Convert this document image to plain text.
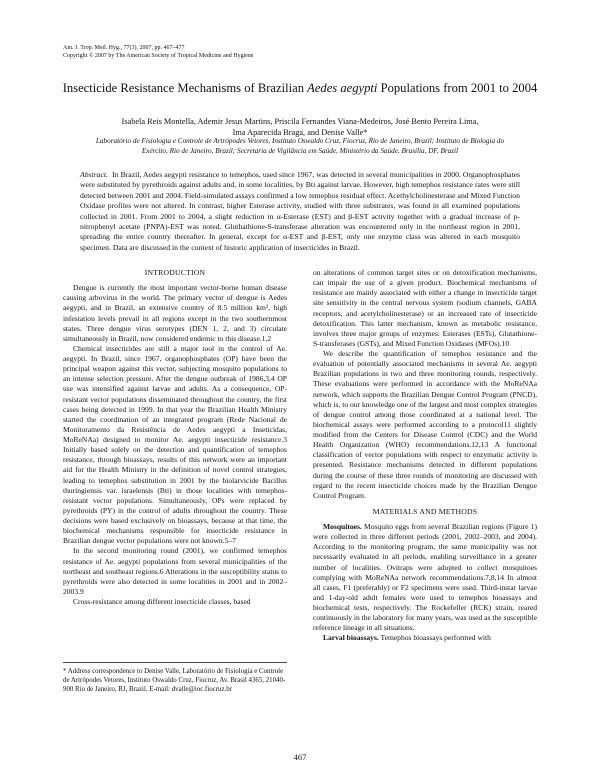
Am. J. Trop. Med. Hyg., 77(3), 2007, pp. 467–477
Copyright © 2007 by The American Society of Tropical Medicine and Hygiene
Insecticide Resistance Mechanisms of Brazilian Aedes aegypti Populations from 2001 to 2004
Isabela Reis Montella, Ademir Jesus Martins, Priscila Fernandes Viana-Medeiros, José Bento Pereira Lima,
Ima Aparecida Braga, and Denise Valle*
Laboratório de Fisiologia e Controle de Artrópodes Vetores, Instituto Oswaldo Cruz, Fiocruz, Rio de Janeiro, Brazil; Instituto de Biologia do
Exército, Rio de Janeiro, Brazil; Secretaria de Vigilância em Saúde, Ministério da Saúde, Brasília, DF, Brazil
Abstract. In Brazil, Aedes aegypti resistance to temephos, used since 1967, was detected in several municipalities in 2000. Organophosphates were substituted by pyrethroids against adults and, in some localities, by Bti against larvae. However, high temephos resistance rates were still detected between 2001 and 2004. Field-simulated assays confirmed a low temephos residual effect. Acethylcholinesterase and Mixed Function Oxidase profiles were not altered. In contrast, higher Esterase activity, studied with three substrates, was found in all examined populations collected in 2001. From 2001 to 2004, a slight reduction in α-Esterase (EST) and β-EST activity together with a gradual increase of p-nitrophenyl acetate (PNPA)-EST was noted. Gluthathione-S-transferase alteration was encountered only in the northeast region in 2001, spreading the entire country thereafter. In general, except for α-EST and β-EST, only one enzyme class was altered in each mosquito specimen. Data are discussed in the context of historic application of insecticides in Brazil.
INTRODUCTION

Dengue is currently the most important vector-borne human disease causing arbovirus in the world. The primary vector of dengue is Aedes aegypti, and in Brazil, an extensive country of 8.5 million km², high infestation levels prevail in all regions except in the two southernmost states. Three dengue virus serotypes (DEN 1, 2, and 3) circulate simultaneously in Brazil, now considered endemic to this disease.1,2

Chemical insecticides are still a major tool in the control of Ae. aegypti. In Brazil, since 1967, organophosphates (OP) have been the principal weapon against this vector, subjecting mosquito populations to an intense selection pressure. After the dengue outbreak of 1986,3,4 OP use was intensified against larvae and adults. As a consequence, OP-resistant vector populations disseminated throughout the country, the first cases being detected in 1999. In that year the Brazilian Health Ministry started the coordination of an integrated program (Rede Nacional de Monitoramento da Resistência de Aedes aegypti a Inseticidas, MoReNAa) designed to monitor Ae. aegypti insecticide resistance.3 Initially based solely on the detection and quantification of temephos resistance, through bioassays, results of this network were an important aid for the Health Ministry in the definition of novel control strategies, leading to temephos substitution in 2001 by the biolarvicide Bacillus thuringiensis var. israelensis (Bti) in those localities with temephos-resistant vector populations. Simultaneously, OPs were replaced by pyrethroids (PY) in the control of adults throughout the country. These decisions were based exclusively on bioassays, because at that time, the biochemical mechanisms responsible for insecticide resistance in Brazilian dengue vector populations were not known.5–7

In the second monitoring round (2001), we confirmed temephos resistance of Ae. aegypti populations from several municipalities of the northeast and southeast regions.6 Alterations in the susceptibility status to pyrethroids were also detected in some localities in 2001 and in 2002–2003.9

Cross-resistance among different insecticide classes, based

* Address correspondence to Denise Valle, Laboratório de Fisiologia e Controle de Artrópodes Vetores, Instituto Oswaldo Cruz, Fiocruz, Av. Brasil 4365, 21040-900 Rio de Janeiro, RJ, Brazil. E-mail: dvalle@ioc.fiocruz.br

on alterations of common target sites or on detoxification mechanisms, can impair the use of a given product. Biochemical mechanisms of resistance are mainly associated with either a change in insecticide target site sensitivity in the central nervous system (sodium channels, GABA receptors, and acetylcholinesterase) or an increased rate of insecticide detoxification. This latter mechanism, known as metabolic resistance, involves three major groups of enzymes: Esterases (ESTs), Glutathione-S-transferases (GSTs), and Mixed Function Oxidases (MFOs).10

We describe the quantification of temephos resistance and the evaluation of potentially associated mechanisms in several Ae. aegypti Brazilian populations in two and three monitoring rounds, respectively. These evaluations were performed in accordance with the MoReNAa network, which supports the Brazilian Dengue Control Program (PNCD), which is, to our knowledge one of the largest and most complex strategies of dengue control among those coordinated at a national level. The biochemical assays were performed according to a protocol11 slightly modified from the Centers for Disease Control (CDC) and the World Health Organization (WHO) recommendations.12,13 A functional classification of vector populations with respect to enzymatic activity is presented. Resistance mechanisms detected in different populations during the course of these three rounds of monitoring are discussed with regard to the recent insecticide choices made by the Brazilian Dengue Control Program.

MATERIALS AND METHODS

Mosquitoes. Mosquito eggs from several Brazilian regions (Figure 1) were collected in three different periods (2001, 2002–2003, and 2004). According to the monitoring program, the same municipality was not necessarily evaluated in all periods, enabling surveillance in a greater number of localities. Ovitraps were adopted to collect mosquitoes complying with MoReNAa network recommendations.7,8,14 In almost all cases, F1 (preferably) or F2 specimens were used. Third-instar larvae and 1-day-old adult females were used to temephos bioassays and biochemical tests, respectively. The Rockefeller (RCK) strain, reared continuously in the laboratory for many years, was used as the susceptible reference lineage in all situations.

Larval bioassays. Temephos bioassays performed with

467
